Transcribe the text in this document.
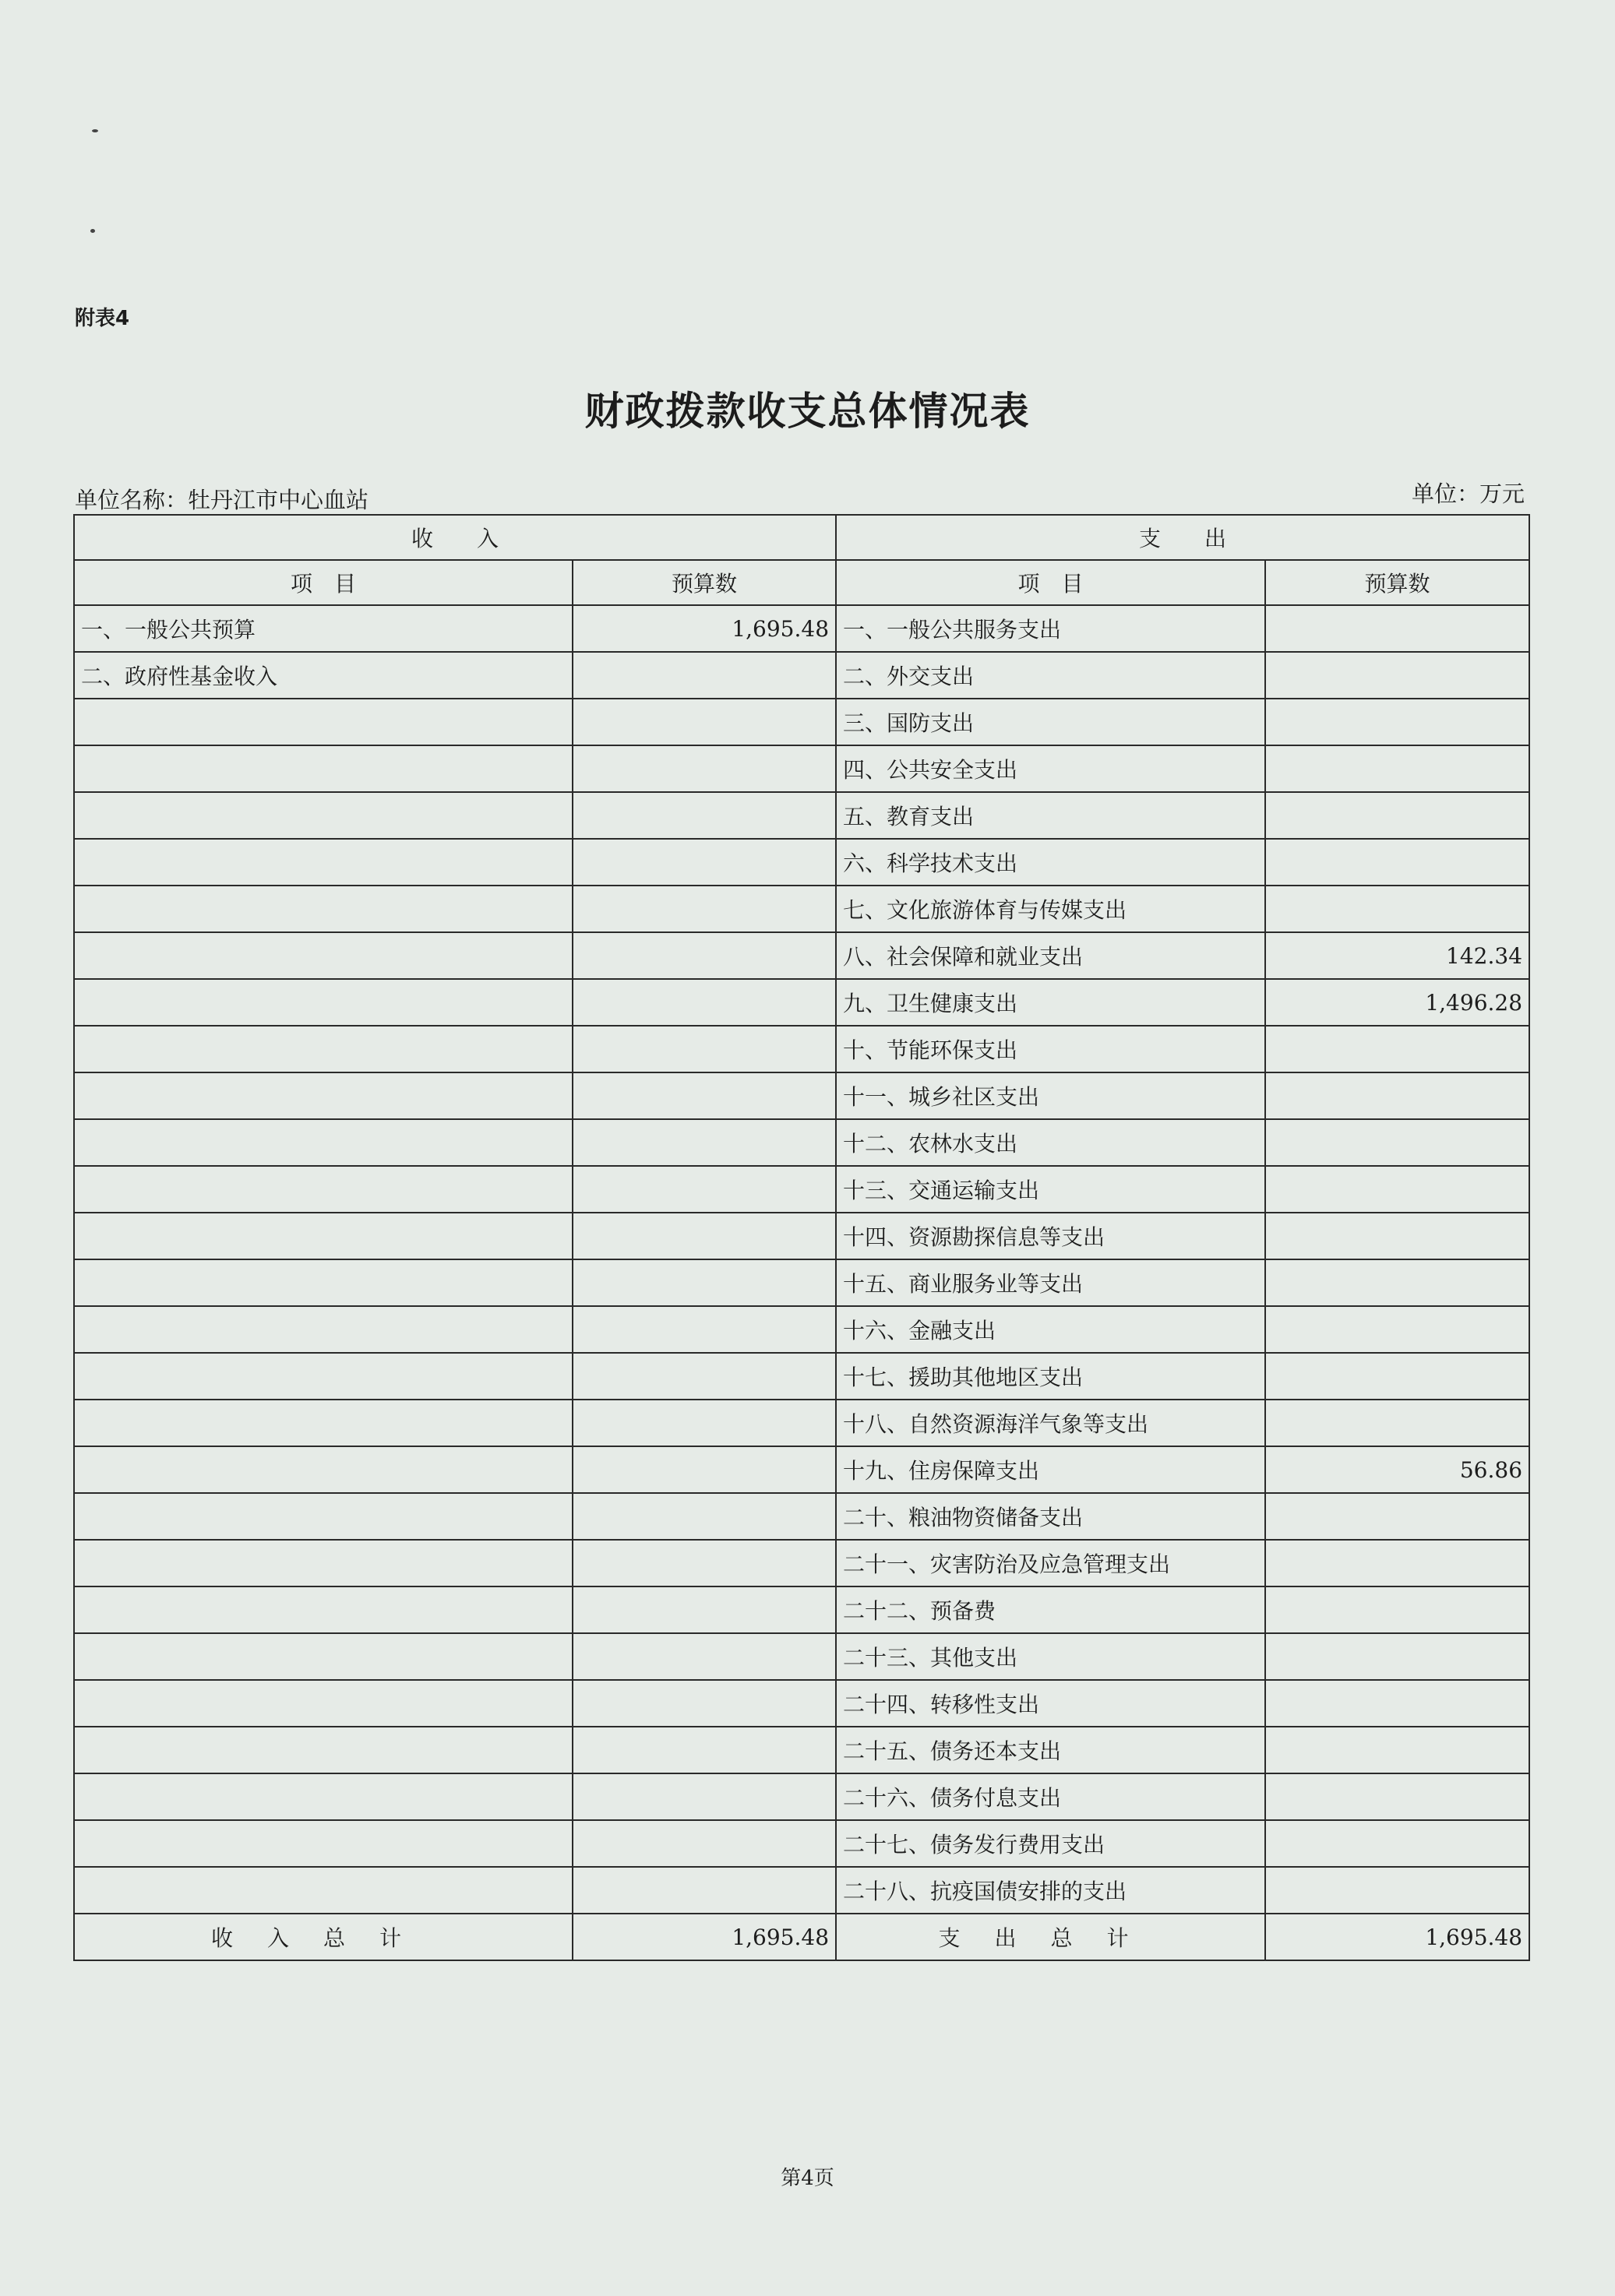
附表4
财政拨款收支总体情况表
单位名称：牡丹江市中心血站	单位：万元
收　　入		支　　出	
项　目	预算数	项　目	预算数
一、一般公共预算	1,695.48	一、一般公共服务支出	
二、政府性基金收入		二、外交支出	
		三、国防支出	
		四、公共安全支出	
		五、教育支出	
		六、科学技术支出	
		七、文化旅游体育与传媒支出	
		八、社会保障和就业支出	142.34
		九、卫生健康支出	1,496.28
		十、节能环保支出	
		十一、城乡社区支出	
		十二、农林水支出	
		十三、交通运输支出	
		十四、资源勘探信息等支出	
		十五、商业服务业等支出	
		十六、金融支出	
		十七、援助其他地区支出	
		十八、自然资源海洋气象等支出	
		十九、住房保障支出	56.86
		二十、粮油物资储备支出	
		二十一、灾害防治及应急管理支出	
		二十二、预备费	
		二十三、其他支出	
		二十四、转移性支出	
		二十五、债务还本支出	
		二十六、债务付息支出	
		二十七、债务发行费用支出	
		二十八、抗疫国债安排的支出	
收入总计	1,695.48	支出总计	1,695.48
第4页
